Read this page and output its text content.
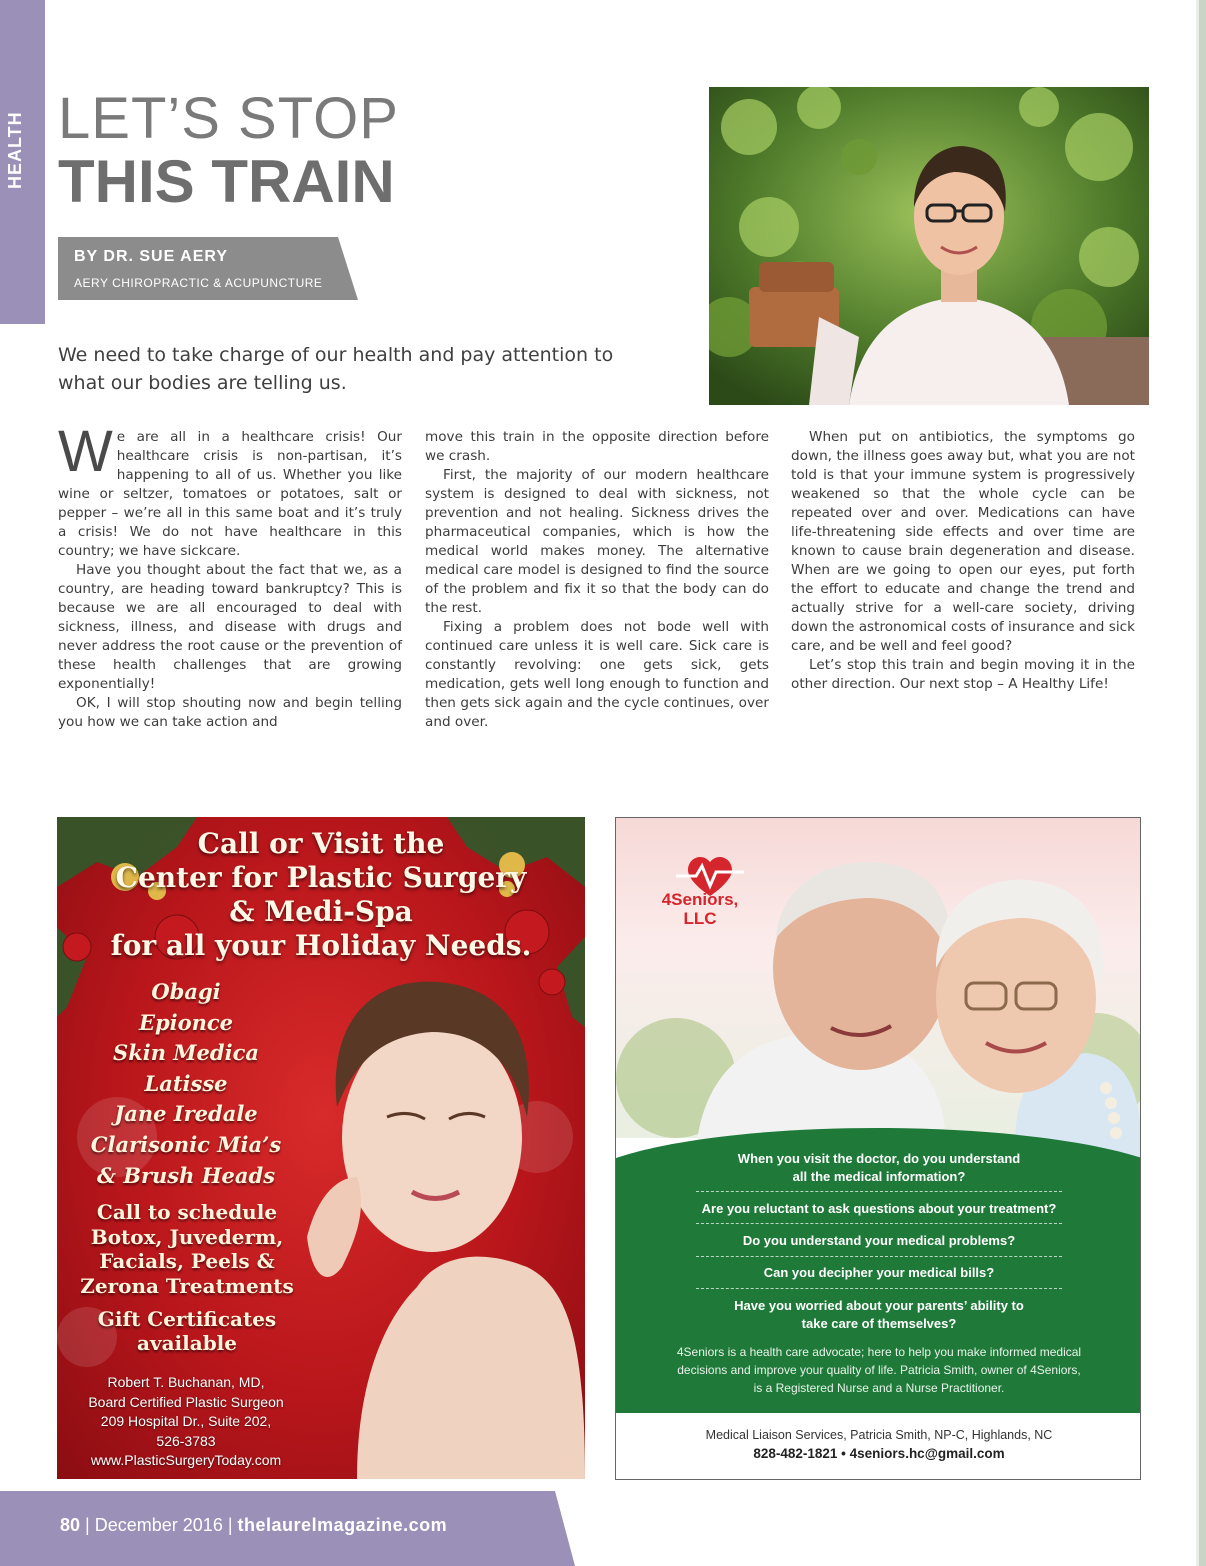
HEALTH LET’S STOP
THIS TRAIN
BY DR. SUE AERY
AERY CHIROPRACTIC & ACUPUNCTURE

We need to take charge of our health and pay attention to what our bodies are telling us.

We are all in a healthcare crisis! Our healthcare crisis is non-partisan, it’s happening to all of us. Whether you like wine or seltzer, tomatoes or potatoes, salt or pepper – we’re all in this same boat and it’s truly a crisis! We do not have healthcare in this country; we have sickcare.

Have you thought about the fact that we, as a country, are heading toward bankruptcy? This is because we are all encouraged to deal with sickness, illness, and disease with drugs and never address the root cause or the prevention of these health challenges that are growing exponentially!

OK, I will stop shouting now and begin telling you how we can take action and

move this train in the opposite direction before we crash.

First, the majority of our modern healthcare system is designed to deal with sickness, not prevention and not healing. Sickness drives the pharmaceutical companies, which is how the medical world makes money. The alternative medical care model is designed to find the source of the problem and fix it so that the body can do the rest.

Fixing a problem does not bode well with continued care unless it is well care. Sick care is constantly revolving: one gets sick, gets medication, gets well long enough to function and then gets sick again and the cycle continues, over and over.

When put on antibiotics, the symptoms go down, the illness goes away but, what you are not told is that your immune system is progressively weakened so that the whole cycle can be repeated over and over. Medications can have life-threatening side effects and over time are known to cause brain degeneration and disease. When are we going to open our eyes, put forth the effort to educate and change the trend and actually strive for a well-care society, driving down the astronomical costs of insurance and sick care, and be well and feel good?

Let’s stop this train and begin moving it in the other direction. Our next stop – A Healthy Life!

Call or Visit the
Center for Plastic Surgery
& Medi-Spa
for all your Holiday Needs.
Obagi
Epionce
Skin Medica
Latisse
Jane Iredale
Clarisonic Mia’s
& Brush Heads
Call to schedule
Botox, Juvederm,
Facials, Peels &
Zerona Treatments
Gift Certificates
available
Robert T. Buchanan, MD,
Board Certified Plastic Surgeon
209 Hospital Dr., Suite 202,
526-3783
www.PlasticSurgeryToday.com
4Seniors,
LLC
When you visit the doctor, do you understand
all the medical information?
Are you reluctant to ask questions about your treatment?
Do you understand your medical problems?
Can you decipher your medical bills?
Have you worried about your parents’ ability to
take care of themselves?
4Seniors is a health care advocate; here to help you make informed medical
decisions and improve your quality of life. Patricia Smith, owner of 4Seniors,
is a Registered Nurse and a Nurse Practitioner.
Medical Liaison Services, Patricia Smith, NP-C, Highlands, NC
828-482-1821 • 4seniors.hc@gmail.com
80 | December 2016 | thelaurelmagazine.com
